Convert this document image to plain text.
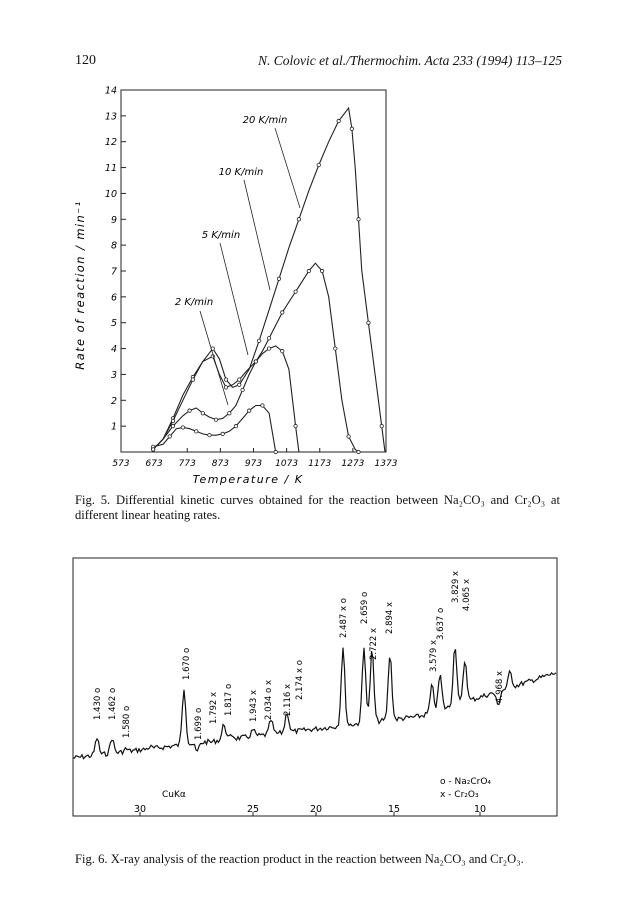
120	N. Colovic et al./Thermochim. Acta 233 (1994) 113–125
1
2
3
4
5
6
7
8
9
10
11
12
13
14
573 673 773 873 973 1073 1173 1273 1373
Rate of reaction / min⁻¹
Temperature / K
20 K/min
10 K/min
5 K/min
2 K/min
Fig. 5. Differential kinetic curves obtained for the reaction between Na₂CO₃ and Cr₂O₃ at different linear heating rates.
1.430 o 1.462 o
1.580 o
1.670 o
1.699 o 1.792 x 1.817 o 1.943 x 2.034 o x 2.116 x 2.174 x o
2.487 x o 2.659 o
2.722 x
2.894 x
3.579 x
3.637 o
3.829 x 4.065 x
4.968 x
30	25	20	15	10
CuKα
o - Na₂CrO₄
x - Cr₂O₃
Fig. 6. X-ray analysis of the reaction product in the reaction between Na₂CO₃ and Cr₂O₃.
